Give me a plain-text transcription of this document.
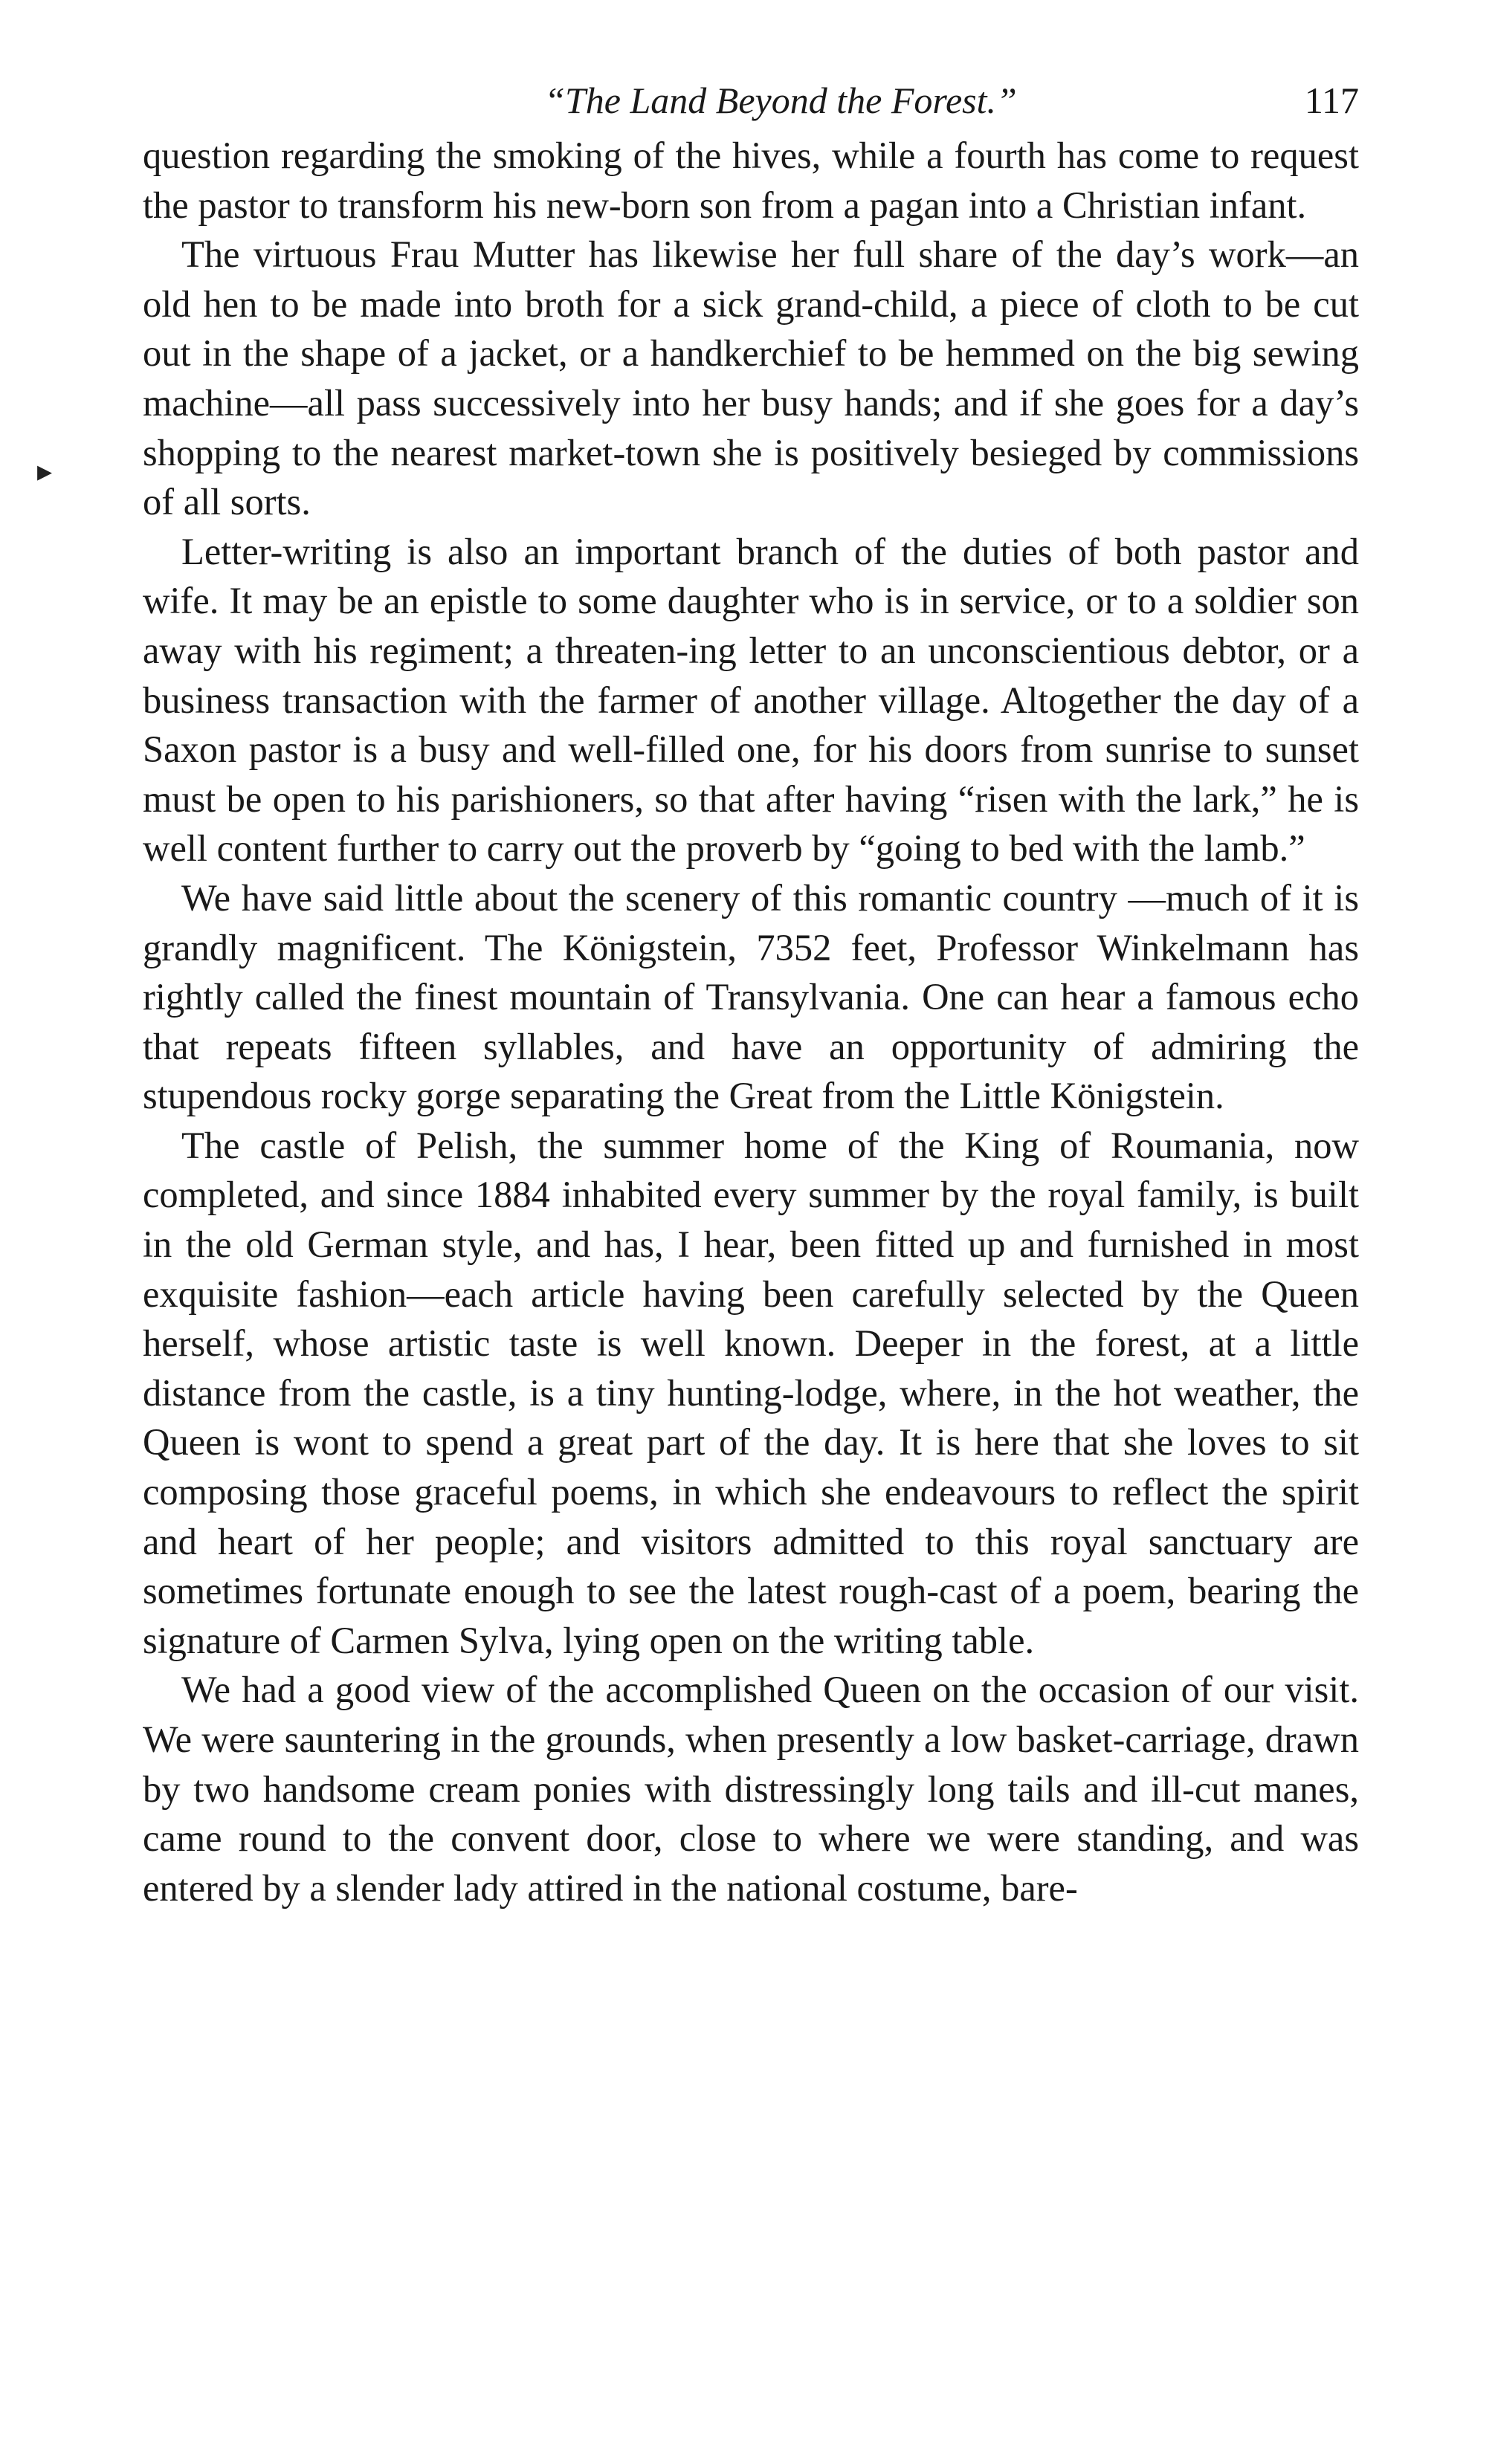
▸
“The Land Beyond the Forest.”	117

question regarding the smoking of the hives, while a fourth has come to request the pastor to transform his new-born son from a pagan into a Christian infant.

The virtuous Frau Mutter has likewise her full share of the day’s work—an old hen to be made into broth for a sick grand-child, a piece of cloth to be cut out in the shape of a jacket, or a handkerchief to be hemmed on the big sewing machine—all pass successively into her busy hands; and if she goes for a day’s shopping to the nearest market-town she is positively besieged by commissions of all sorts.

Letter-writing is also an important branch of the duties of both pastor and wife. It may be an epistle to some daughter who is in service, or to a soldier son away with his regiment; a threaten-ing letter to an unconscientious debtor, or a business transaction with the farmer of another village. Altogether the day of a Saxon pastor is a busy and well-filled one, for his doors from sunrise to sunset must be open to his parishioners, so that after having “risen with the lark,” he is well content further to carry out the proverb by “going to bed with the lamb.”

We have said little about the scenery of this romantic country —much of it is grandly magnificent. The Königstein, 7352 feet, Professor Winkelmann has rightly called the finest mountain of Transylvania. One can hear a famous echo that repeats fifteen syllables, and have an opportunity of admiring the stupendous rocky gorge separating the Great from the Little Königstein.

The castle of Pelish, the summer home of the King of Roumania, now completed, and since 1884 inhabited every summer by the royal family, is built in the old German style, and has, I hear, been fitted up and furnished in most exquisite fashion—each article having been carefully selected by the Queen herself, whose artistic taste is well known. Deeper in the forest, at a little distance from the castle, is a tiny hunting-lodge, where, in the hot weather, the Queen is wont to spend a great part of the day. It is here that she loves to sit composing those graceful poems, in which she endeavours to reflect the spirit and heart of her people; and visitors admitted to this royal sanctuary are sometimes fortunate enough to see the latest rough-cast of a poem, bearing the signature of Carmen Sylva, lying open on the writing table.

We had a good view of the accomplished Queen on the occasion of our visit. We were sauntering in the grounds, when presently a low basket-carriage, drawn by two handsome cream ponies with distressingly long tails and ill-cut manes, came round to the convent door, close to where we were standing, and was entered by a slender lady attired in the national costume, bare-
